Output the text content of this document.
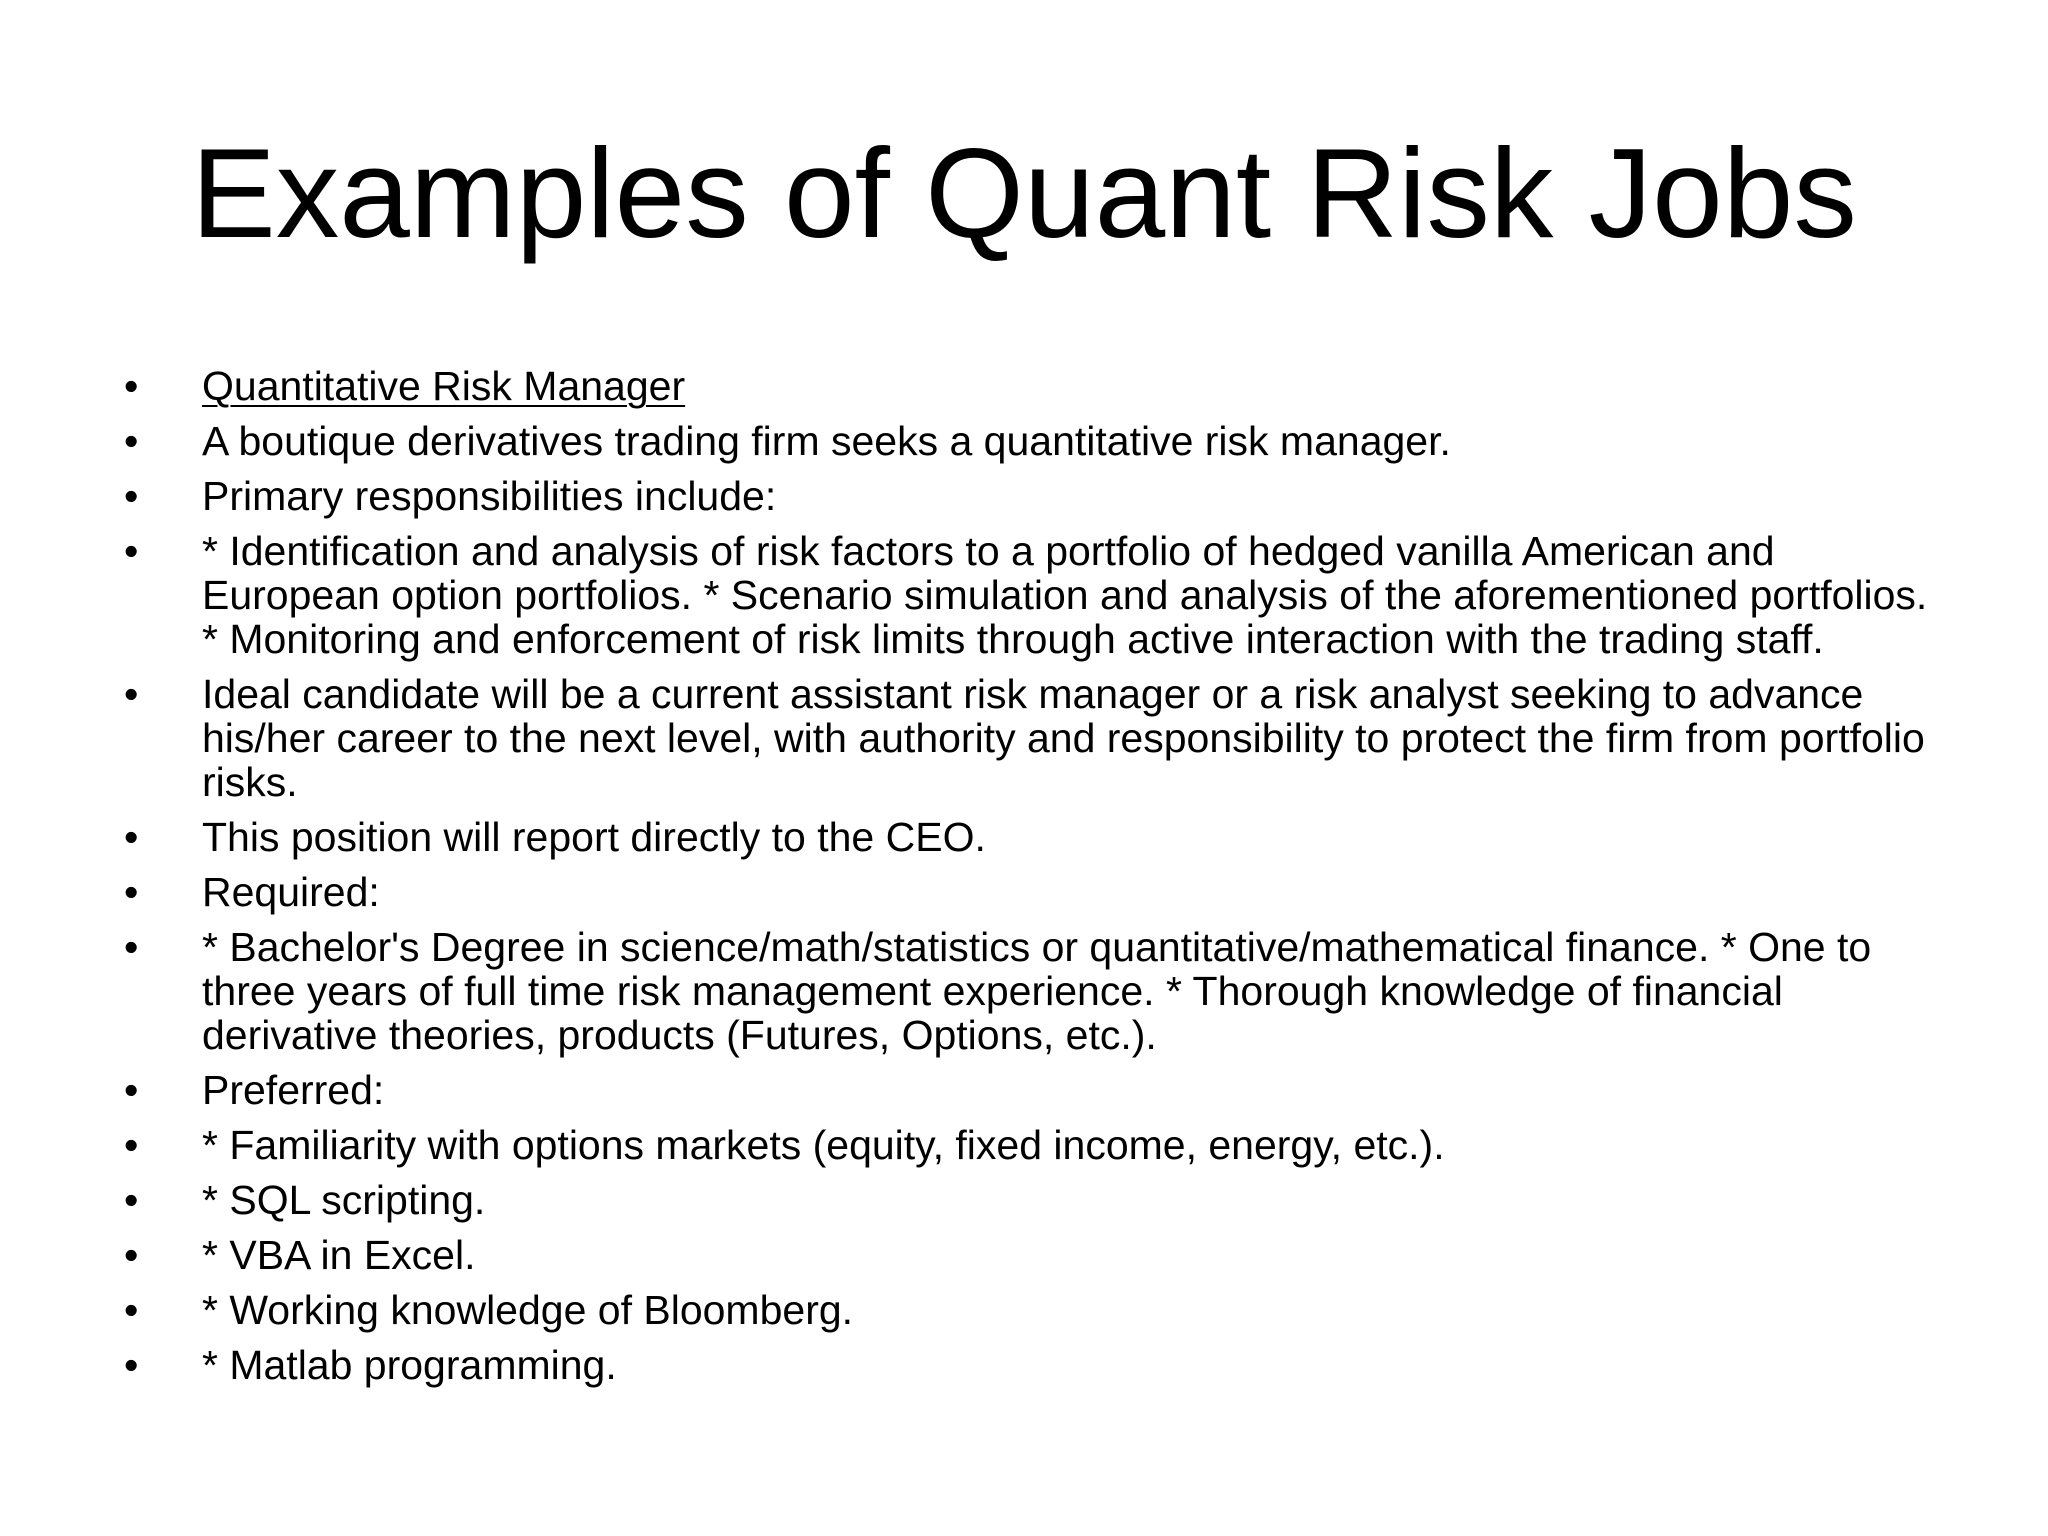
Examples of Quant Risk Jobs
• Quantitative Risk Manager
• A boutique derivatives trading firm seeks a quantitative risk manager.
• Primary responsibilities include:
• * Identification and analysis of risk factors to a portfolio of hedged vanilla American and European option portfolios. * Scenario simulation and analysis of the aforementioned portfolios. * Monitoring and enforcement of risk limits through active interaction with the trading staff.
• Ideal candidate will be a current assistant risk manager or a risk analyst seeking to advance his/her career to the next level, with authority and responsibility to protect the firm from portfolio risks.
• This position will report directly to the CEO.
• Required:
• * Bachelor's Degree in science/math/statistics or quantitative/mathematical finance. * One to three years of full time risk management experience. * Thorough knowledge of financial derivative theories, products (Futures, Options, etc.).
• Preferred:
• * Familiarity with options markets (equity, fixed income, energy, etc.).
• * SQL scripting.
• * VBA in Excel.
• * Working knowledge of Bloomberg.
• * Matlab programming.
